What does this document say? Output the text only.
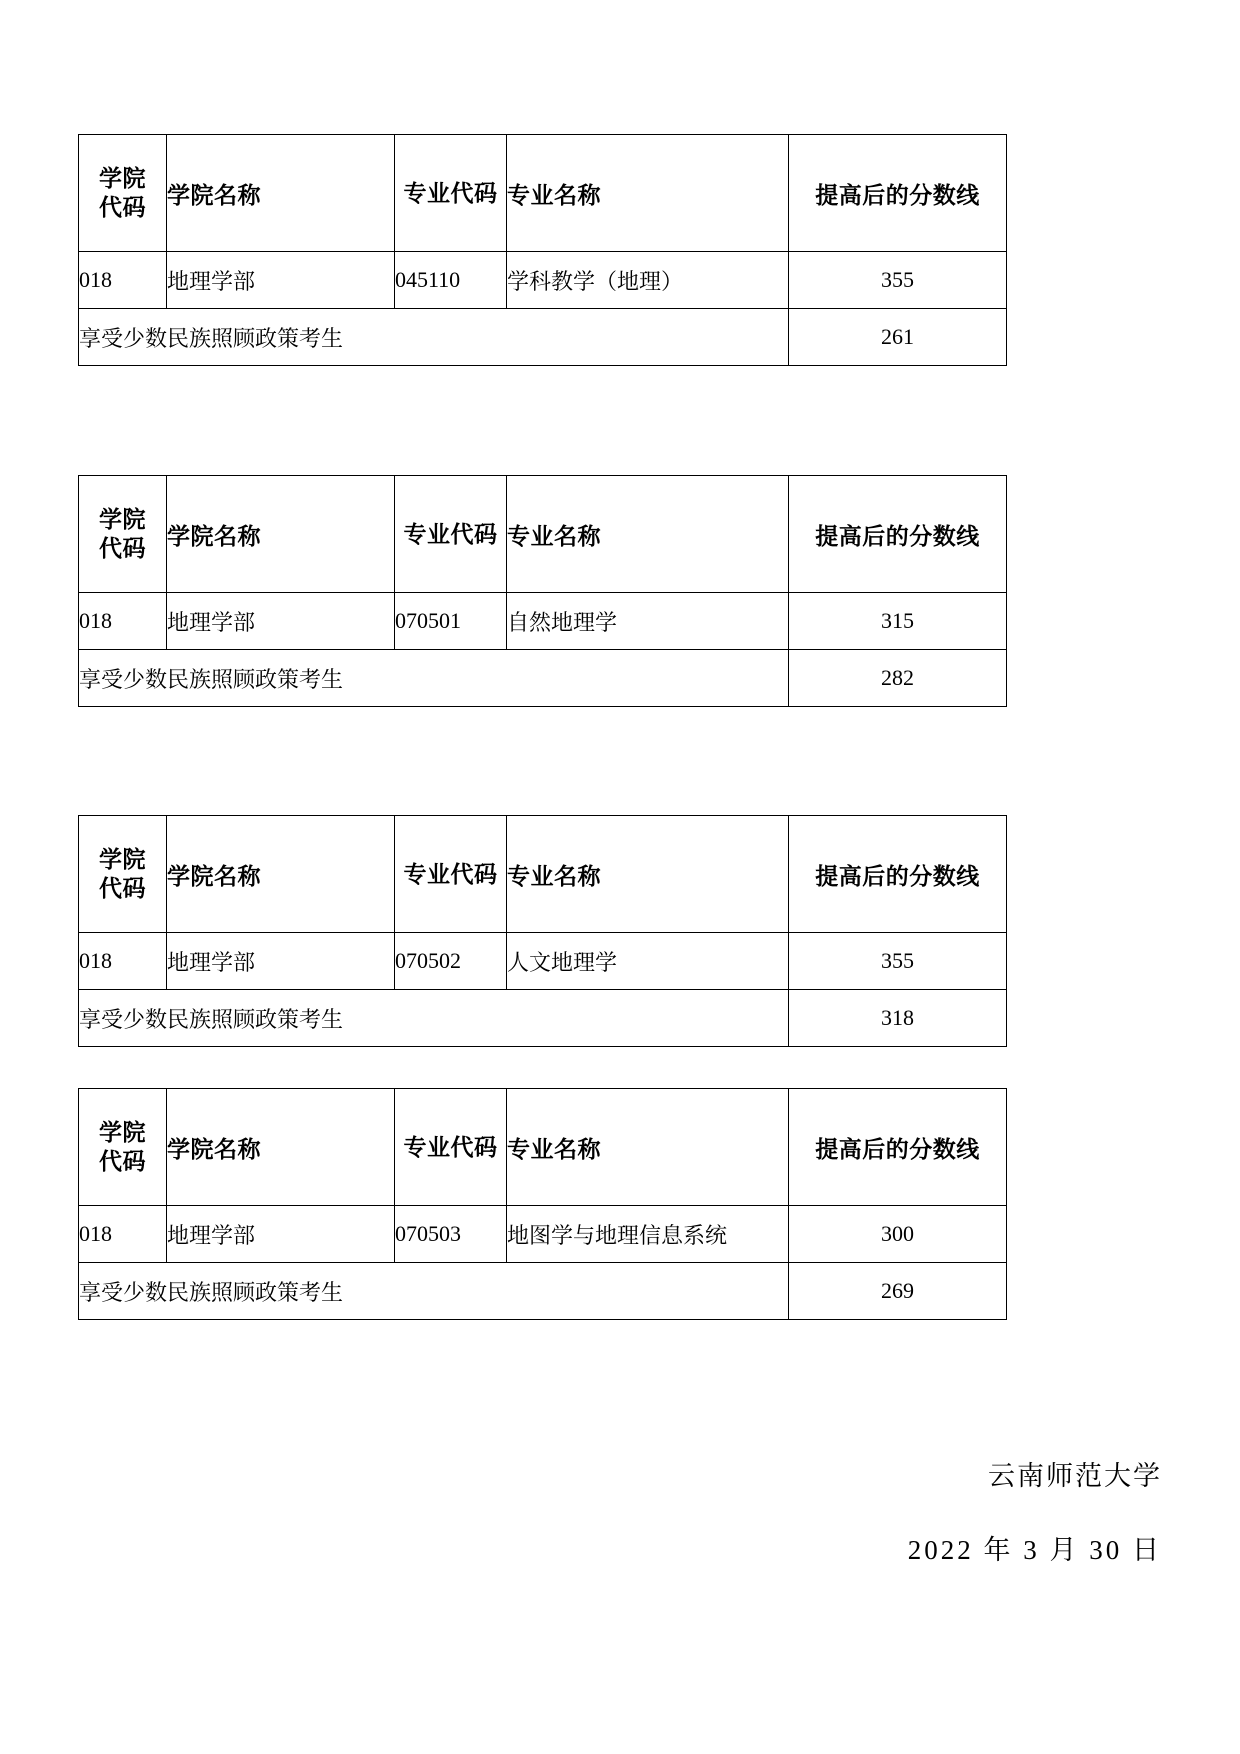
学院
代码	学院名称	专业代码	专业名称	提高后的分数线
018	地理学部	045110	学科教学（地理）	355
享受少数民族照顾政策考生				261
学院
代码	学院名称	专业代码	专业名称	提高后的分数线
018	地理学部	070501	自然地理学	315
享受少数民族照顾政策考生				282
学院
代码	学院名称	专业代码	专业名称	提高后的分数线
018	地理学部	070502	人文地理学	355
享受少数民族照顾政策考生				318
学院
代码	学院名称	专业代码	专业名称	提高后的分数线
018	地理学部	070503	地图学与地理信息系统	300
享受少数民族照顾政策考生				269
云南师范大学
2022 年 3 月 30 日
